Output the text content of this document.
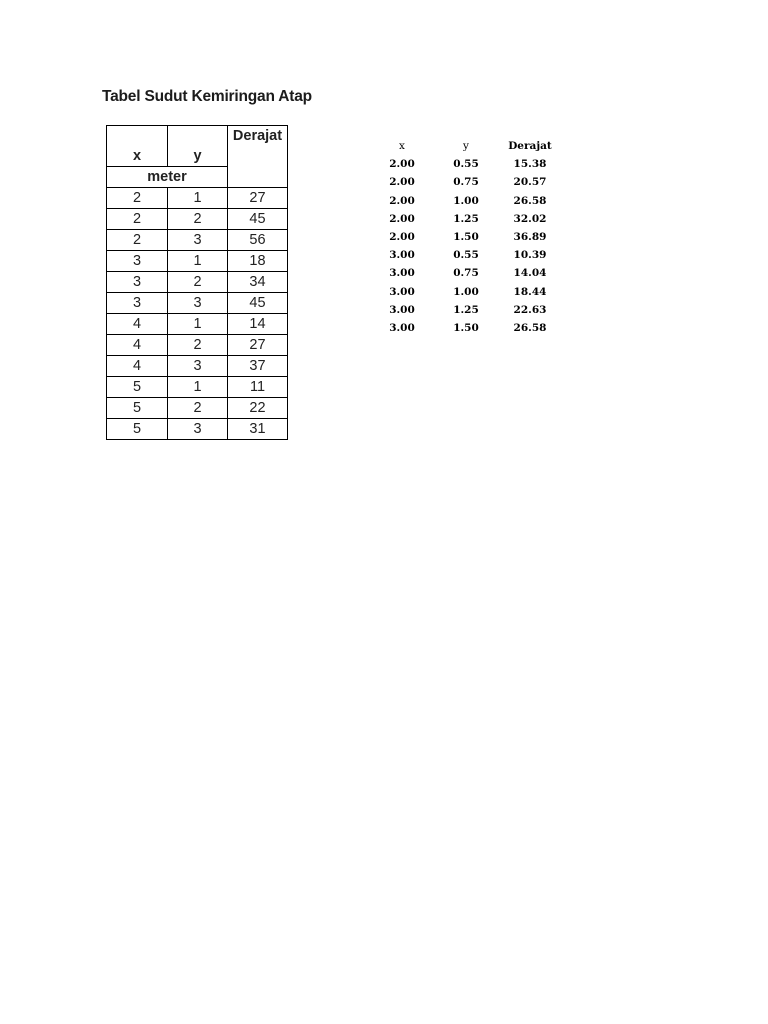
Tabel Sudut Kemiringan Atap
x	y	Derajat
meter		
2	1	27
2	2	45
2	3	56
3	1	18
3	2	34
3	3	45
4	1	14
4	2	27
4	3	37
5	1	11
5	2	22
5	3	31
x	y	Derajat
2.00	0.55	15.38
2.00	0.75	20.57
2.00	1.00	26.58
2.00	1.25	32.02
2.00	1.50	36.89
3.00	0.55	10.39
3.00	0.75	14.04
3.00	1.00	18.44
3.00	1.25	22.63
3.00	1.50	26.58
